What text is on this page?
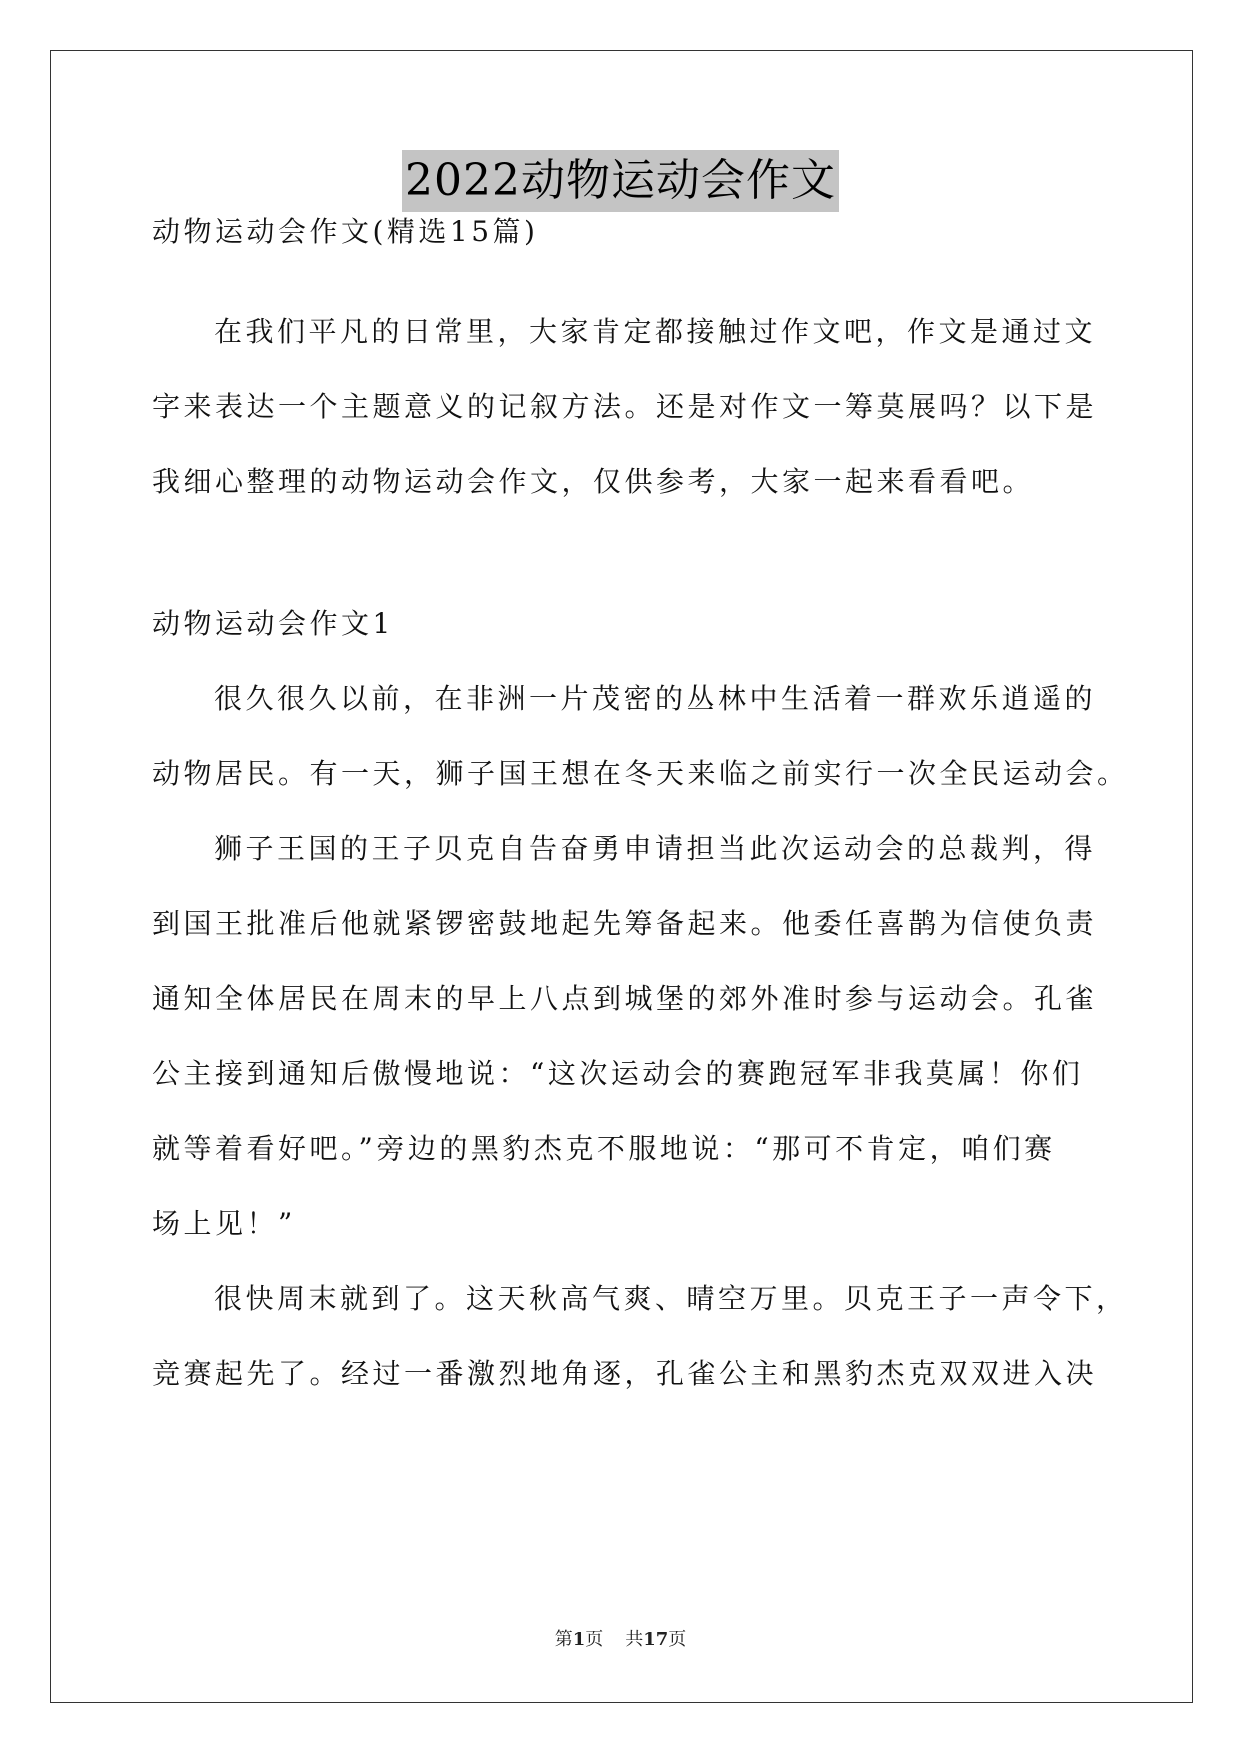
2022动物运动会作文
动物运动会作文(精选15篇)
在我们平凡的日常里，大家肯定都接触过作文吧，作文是通过文
字来表达一个主题意义的记叙方法。还是对作文一筹莫展吗？以下是
我细心整理的动物运动会作文，仅供参考，大家一起来看看吧。
动物运动会作文1
很久很久以前，在非洲一片茂密的丛林中生活着一群欢乐逍遥的
动物居民。有一天，狮子国王想在冬天来临之前实行一次全民运动会。
狮子王国的王子贝克自告奋勇申请担当此次运动会的总裁判，得
到国王批准后他就紧锣密鼓地起先筹备起来。他委任喜鹊为信使负责
通知全体居民在周末的早上八点到城堡的郊外准时参与运动会。孔雀
公主接到通知后傲慢地说：“这次运动会的赛跑冠军非我莫属！你们
就等着看好吧。”旁边的黑豹杰克不服地说：“那可不肯定，咱们赛
场上见！”
很快周末就到了。这天秋高气爽、晴空万里。贝克王子一声令下，
竞赛起先了。经过一番激烈地角逐，孔雀公主和黑豹杰克双双进入决
第1页 共17页
